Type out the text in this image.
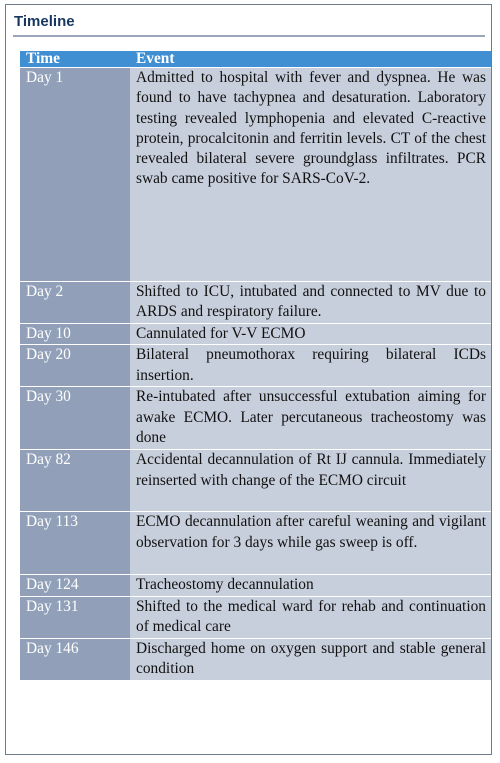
Timeline
Time	Event
Day 1	Admitted to hospital with fever and dyspnea. He was found to have tachypnea and desaturation. Laboratory testing revealed lymphopenia and elevated C-reactive protein, procalcitonin and ferritin levels. CT of the chest revealed bilateral severe groundglass infiltrates. PCR swab came positive for SARS-CoV-2.
Day 2	Shifted to ICU, intubated and connected to MV due to ARDS and respiratory failure.
Day 10	Cannulated for V-V ECMO
Day 20	Bilateral pneumothorax requiring bilateral ICDs insertion.
Day 30	Re-intubated after unsuccessful extubation aiming for awake ECMO. Later percutaneous tracheostomy was done
Day 82	Accidental decannulation of Rt IJ cannula. Immediately reinserted with change of the ECMO circuit
Day 113	ECMO decannulation after careful weaning and vigilant observation for 3 days while gas sweep is off.
Day 124	Tracheostomy decannulation
Day 131	Shifted to the medical ward for rehab and continuation of medical care
Day 146	Discharged home on oxygen support and stable general condition
